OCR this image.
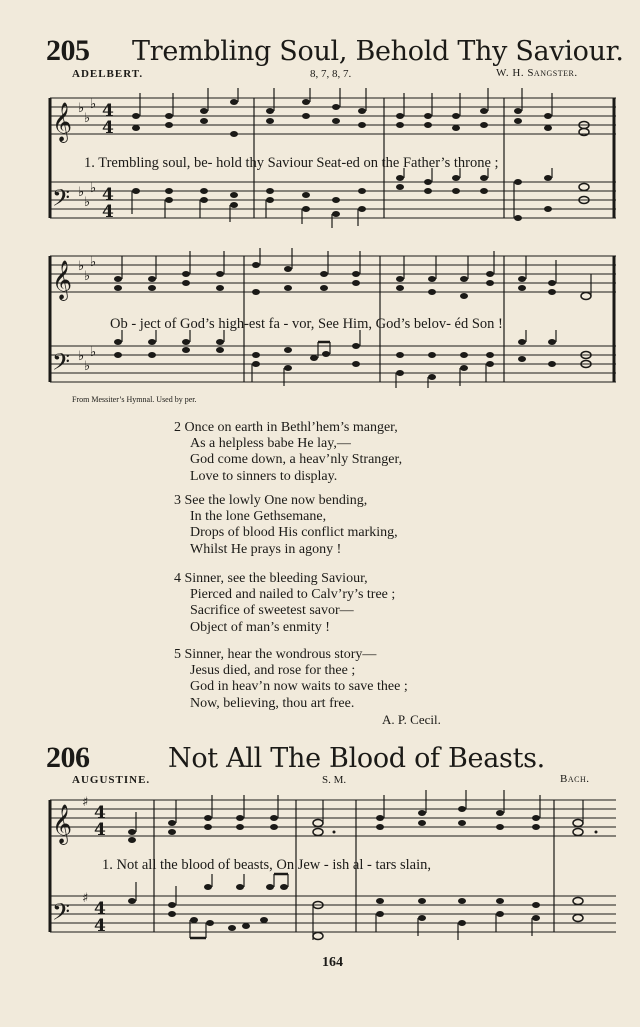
205 Trembling Soul, Behold Thy Saviour.
ADELBERT.	8, 7, 8, 7.	W. H. Sangster.
𝄞
𝄢
♭
♭
♭
♭
♭
♭
4
4
4
4
1. Trembling soul, be- hold thy Saviour Seat-ed on the Father’s throne ;
𝄞
𝄢
♭
♭
♭
♭
♭
♭
Ob - ject of God’s high-est fa - vor, See Him, God’s belov- éd Son !
From Messiter’s Hymnal. Used by per.
2 Once on earth in Bethl’hem’s manger,
As a helpless babe He lay,—
God come down, a heav’nly Stranger,
Love to sinners to display.
3 See the lowly One now bending,
In the lone Gethsemane,
Drops of blood His conflict marking,
Whilst He prays in agony !
4 Sinner, see the bleeding Saviour,
Pierced and nailed to Calv’ry’s tree ;
Sacrifice of sweetest savor—
Object of man’s enmity !
5 Sinner, hear the wondrous story—
Jesus died, and rose for thee ;
God in heav’n now waits to save thee ;
Now, believing, thou art free.
A. P. Cecil.
206	Not All The Blood of Beasts.
AUGUSTINE.	S. M.	Bach.
𝄞
𝄢
♯
♯
4
4
4
4
1. Not all the blood of beasts, On Jew - ish al - tars slain,
164
